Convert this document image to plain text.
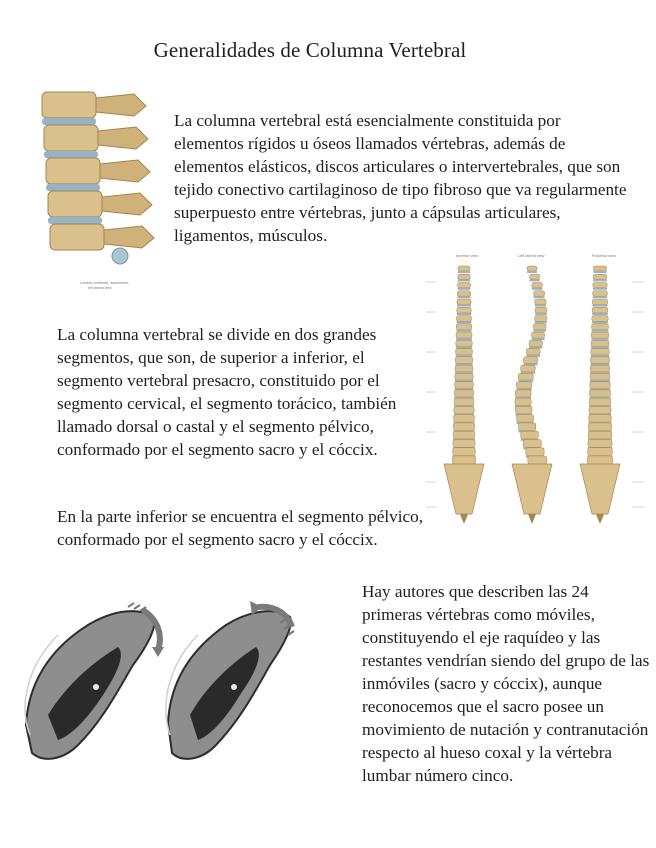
Generalidades de Columna Vertebral

La columna vertebral está esencialmente constituida por elementos rígidos u óseos llamados vértebras, además de elementos elásticos, discos articulares o intervertebrales, que son tejido conectivo cartilaginoso de tipo fibroso que va regularmente superpuesto entre vértebras, junto a cápsulas articulares, ligamentos, músculos.

La columna vertebral se divide en dos grandes segmentos, que son, de superior a inferior, el segmento vertebral presacro, constituido por el segmento cervical, el segmento torácico, también llamado dorsal o castal y el segmento pélvico, conformado por el segmento sacro y el cóccix.

En la parte inferior se encuentra el segmento pélvico, conformado por el segmento sacro y el cóccix.

Hay autores que describen las 24 primeras vértebras como móviles, constituyendo el eje raquídeo y las restantes vendrían siendo del grupo de las inmóviles (sacro y cóccix), aunque reconocemos que el sacro posee un movimiento de nutación y contranutación respecto al hueso coxal y la vértebra lumbar número cinco.

Lumbar vertebrae, assembled:
left lateral view
Anterior view	Left lateral view	Posterior view
